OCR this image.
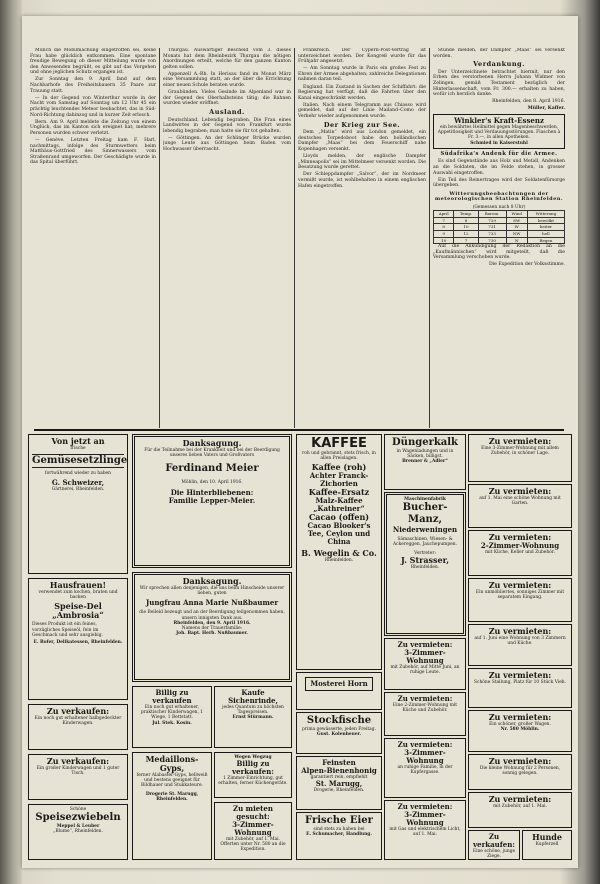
Münch die Mobilmachung eingetroffen sei, keine Frau habe glücklich entkommen. Eine spontane freudige Bewegung ob dieser Mitteilung wurde von den Anwesenden begrüßt, es gibt auf das Vorgehen und ohne jeglichen Schutz ergangen ist.

Zur Sonntag den 9. April fand auf dem Nachbarhofe des Freiheitsbauern 35 Paare zur Trauung statt.

— In der Gegend von Winterthur wurde in der Nacht vom Samstag auf Sonntag um 12 Uhr 45 ein prächtig leuchtendes Meteor beobachtet, das in Süd-Nord-Richtung dahinzog und in kurzer Zeit erlosch.

Bern. Am 9. April meldete die Zeitung von einem Unglück, das im Kanton sich ereignet hat; mehrere Personen wurden schwer verletzt.

— Genève. Letzten Freitag kam F. Harl, nachmittags, infolge des Sturmwetters beim Matthäus-Gottfried des Sinnerwassers vom Straßenrand umgeworfen. Der Geschädigte wurde in das Spital überführt.

Thurgau. Auswärtiger Bescheid vom 3. dieses Monats hat dem Rheinbezirk Thurgau die nötigen Anordnungen erteilt, welche für den ganzen Kanton gelten sollen.

Appenzell A.-Rh. In Herisau fand im Monat März eine Versammlung statt, an der über die Errichtung einer neuen Schule beraten wurde.

Graubünden. Vieles Gesinde im Alpenland war in der Gegend des Oberhalbsteins tätig; die Bahnen wurden wieder eröffnet.

Ausland.

Deutschland. Lebendig begraben. Die Frau eines Landwirtes in der Gegend von Frankfurt wurde lebendig begraben; man hatte sie für tot gehalten.

— Göttingen. An der Schlinger Brücke wurden junge Leute aus Göttingen beim Baden vom Hochwasser überrascht.

Frankreich. Der Cypern-Post-Vertrag ist unterzeichnet worden. Der Kongreß wurde für das Frühjahr angesetzt.

— Am Sonntag wurde in Paris ein großes Fest zu Ehren der Armee abgehalten; zahlreiche Delegationen nahmen daran teil.

England. Ein Zustand in Sachen der Schiffahrt: die Regierung hat verfügt, daß die Fahrten über den Kanal eingeschränkt werden.

Italien. Nach einem Telegramm aus Chiasso wird gemeldet, daß auf der Linie Mailand–Como der Verkehr wieder aufgenommen wurde.

Der Krieg zur See.

Dem „Matin“ wird aus London gemeldet, ein deutsches Torpedoboot habe den holländischen Dampfer „Maas“ bei dem Feuerschiff nahe Kopenhagen versenkt.

Lloyds melden, der englische Dampfer „Minneapolis“ sei im Mittelmeer versenkt worden. Die Besatzung wurde gerettet.

Der Schleppdampfer „Salvor“, der im Nordmeer vermißt wurde, ist wohlbehalten in einem englischen Hafen eingetroffen.

Stunde melden, der Dampfer „Maas“ sei versenkt worden.

Verdankung.

Der Unterzeichnete betrachtet hiermit, nur den Erben des verstorbenen Herrn Johann Widmer von Zelingen, gemäß Testament bezüglich der Hinterlassenschaft, vom Fr. 300.— erhalten zu haben, wofür ich herzlich danke.

Rheinfelden, den 8. April 1916.

Müller, Kaffer.

Winkler's Kraft-Essenz
ein bewährtes Heilmittel gegen Magenbeschwerden, Appetitlosigkeit und Verdauungsstörungen. Flaschen à Fr. 3.—, in allen Apotheken.
Schmied in Kaiserstuhl
Südafrika's Andenk für die Armee.

Es sind Gegenstände aus Holz und Metall, Andenken an die Soldaten, die im Felde stehen, in grosser Auswahl eingetroffen.

Ein Teil des Reinertrages wird der Soldatenfürsorge übergeben.

Witterungsbeobachtungen der meteorologischen Station Rheinfelden.
(Gemessen nach 8 Uhr)
April	Temp.	Barom.	Wind	Witterung
7	8	729	SW	bewölkt
8	10	731	W	heiter
9	12	733	NW	hell
10	7	730	N	Regen

Auf die Ankündigung der Redaktion an die „Kaufmännischen“ wird mitgeteilt, daß die Versammlung verschoben wurde.

Die Expedition der Volksstimme.

Von jetzt an
frische
Gemüsesetzlinge
fortwährend wieder zu haben
G. Schweizer,
Gärtnerei, Rheinfelden.
Hausfrauen!
verwendet zum kochen, braten und backen
Speise-Del „Ambrosia“
Dieses Produkt ist ein feines, vorzügliches Speiseöl, fein im Geschmack und sehr ausgiebig.
E. Rofer, Delikatessen, Rheinfelden.
Zu verkaufen:
Ein noch gut erhaltener halbgedeckter Kinderwagen.
Zu verkaufen:
Ein großer Kinderwagen und 1 guter Tisch.
Schöne
Speisezwiebeln
Meppel & Leuber
„Blume“, Rheinfelden.
Danksagung.
Für die Teilnahme bei der Krankheit und bei der Beerdigung unseres lieben Vaters und Großvaters
Ferdinand Meier
Möhlin, den 10. April 1916.
Die Hinterbliebenen:
Familie Lepper-Meier.
Danksagung.
Wir sprechen allen denjenigen, die uns beim Hinscheide unserer lieben, guten
Jungfrau Anna Marie Nußbaumer
die Beileid bezeugt und an der Beerdigung teilgenommen haben, unsern innigsten Dank aus.
Rheinfelden, den 9. April 1916.
Namens der Trauerfamilie:
Joh. Bapt. Herb. Nußbaumer.
Billig zu verkaufen
Ein noch gut erhaltener, praktischer Kinderwagen, 1 Wiege, 1 Bettstatt.
Jul. Stek. Kosin.
Kaufe Sichenrinde,
jedes Quantum zu höchsten Tagespreisen.
Ernst Stürmann.
Medaillons-Gyps,
ferner Alabaster-Gyps, hellweiß und bestens geeignet für Bildhauer und Stukkateure.
Drogerie St. Marugg, Rheinfelden.
Wegen Wegzug
Billig zu verkaufen:
1 Zimmer-Einrichtung, gut erhalten, ferner Küchengeräte.
Zu mieten gesucht:
3-Zimmer-Wohnung
mit Zubehör, auf 1. Mai.
Offerten unter Nr. 580 an die Expedition.
KAFFEE
roh und gebrannt, stets frisch, in allen Preislagen.
Kaffee (roh)
Achter Franck-Zichorien
Kaffee-Ersatz
Malz-Kaffee „Kathreiner“
Cacao (offen)
Cacao Blooker's
Tee, Ceylon und China
B. Wegelin & Co.
Rheinfelden.
Mosterei Horn
Stockfische
prima gewässerte, jeden Freitag.
Gust. Kolenheuer.
Feinsten
Alpen-Bienenhonig
garantiert rein, empfiehlt
St. Marugg,
Drogerie, Rheinfelden.
Frische Eier
sind stets zu haben bei
E. Schumacher, Handlung.
Düngerkalk
in Wagenladungen und in Säcken, billigst.
Brenner & „Adler“
Maschinenfabrik
Bucher-Manz,
Niederweningen
Sämaschinen, Wiesen- & Ackereggen, Jauchepumpen.
Vertreter:
J. Strasser,
Rheinfelden.
Zu vermieten:
3-Zimmer-Wohnung
mit Zubehör, auf Mitte Juni, an ruhige Leute.
Zu vermieten:
Eine 2-Zimmer-Wohnung mit Küche und Zubehör.
Zu vermieten:
3-Zimmer-Wohnung
an ruhige Familie, in der Kupfergasse.
Zu vermieten:
3-Zimmer-Wohnung
mit Gas und elektrischem Licht, auf 1. Mai.
Zu vermieten:
Eine 3-Zimmer-Wohnung mit allem Zubehör, in schöner Lage.
Zu vermieten:
auf 1. Mai eine schöne Wohnung mit Garten.
Zu vermieten:
2-Zimmer-Wohnung
mit Küche, Keller und Zubehör.
Zu vermieten:
Ein unmöbliertes, sonniges Zimmer mit separatem Eingang.
Zu vermieten:
auf 1. Juni eine Wohnung von 3 Zimmern und Küche.
Zu vermieten:
Schöne Stallung, Platz für 10 Stück Vieh.
Zu vermieten:
Ein schöner, großer Wagen.
Nr. 580 Möhlin.
Zu vermieten:
Die kleine Wohnung für 2 Personen, sonnig gelegen.
Zu vermieten:
mit Zubehör, auf 1. Mai.
Zu verkaufen:
Eine schöne, junge Ziege.
Hunde
Kupferzell
